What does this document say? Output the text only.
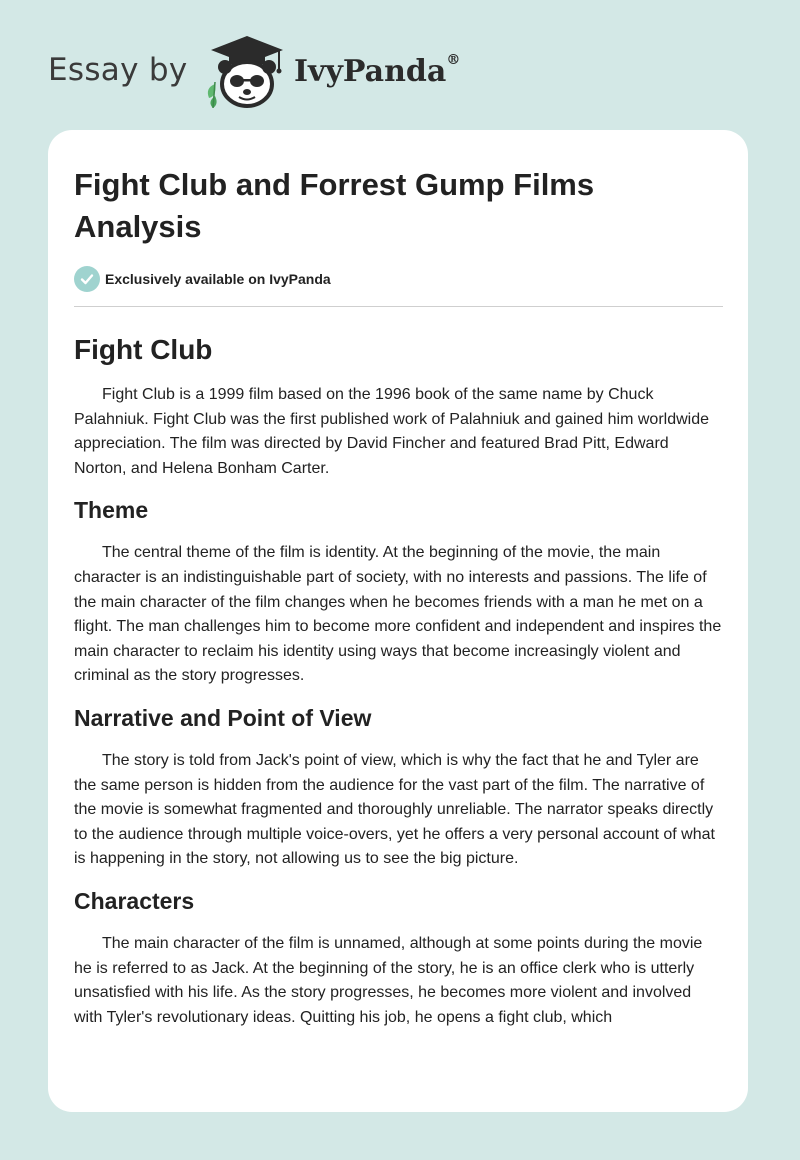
Essay by	IvyPanda®
Fight Club and Forrest Gump Films Analysis
Exclusively available on IvyPanda
Fight Club

Fight Club is a 1999 film based on the 1996 book of the same name by Chuck Palahniuk. Fight Club was the first published work of Palahniuk and gained him worldwide appreciation. The film was directed by David Fincher and featured Brad Pitt, Edward Norton, and Helena Bonham Carter.

Theme

The central theme of the film is identity. At the beginning of the movie, the main character is an indistinguishable part of society, with no interests and passions. The life of the main character of the film changes when he becomes friends with a man he met on a flight. The man challenges him to become more confident and independent and inspires the main character to reclaim his identity using ways that become increasingly violent and criminal as the story progresses.

Narrative and Point of View

The story is told from Jack's point of view, which is why the fact that he and Tyler are the same person is hidden from the audience for the vast part of the film. The narrative of the movie is somewhat fragmented and thoroughly unreliable. The narrator speaks directly to the audience through multiple voice-overs, yet he offers a very personal account of what is happening in the story, not allowing us to see the big picture.

Characters

The main character of the film is unnamed, although at some points during the movie he is referred to as Jack. At the beginning of the story, he is an office clerk who is utterly unsatisfied with his life. As the story progresses, he becomes more violent and involved with Tyler's revolutionary ideas. Quitting his job, he opens a fight club, which
